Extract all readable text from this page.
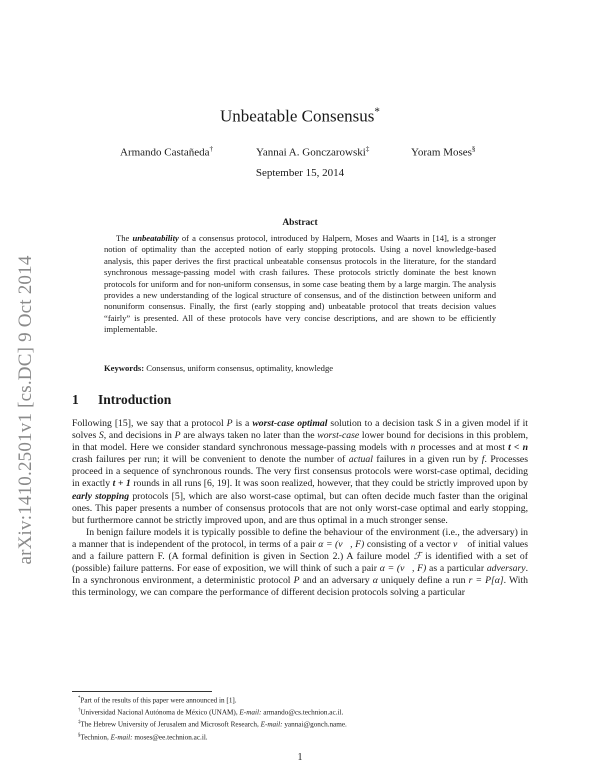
arXiv:1410.2501v1 [cs.DC] 9 Oct 2014
Unbeatable Consensus*
Armando Castañeda†	Yannai A. Gonczarowski‡	Yoram Moses§
September 15, 2014
Abstract

The unbeatability of a consensus protocol, introduced by Halpern, Moses and Waarts in [14], is a stronger notion of optimality than the accepted notion of early stopping protocols. Using a novel knowledge-based analysis, this paper derives the first practical unbeatable consensus protocols in the literature, for the standard synchronous message-passing model with crash failures. These protocols strictly dominate the best known protocols for uniform and for non-uniform consensus, in some case beating them by a large margin. The analysis provides a new understanding of the logical structure of consensus, and of the distinction between uniform and nonuniform consensus. Finally, the first (early stopping and) unbeatable protocol that treats decision values “fairly” is presented. All of these protocols have very concise descriptions, and are shown to be efficiently implementable.

Keywords: Consensus, uniform consensus, optimality, knowledge
1 Introduction

Following [15], we say that a protocol P is a worst-case optimal solution to a decision task S in a given model if it solves S, and decisions in P are always taken no later than the worst-case lower bound for decisions in this problem, in that model. Here we consider standard synchronous message-passing models with n processes and at most t < n crash failures per run; it will be convenient to denote the number of actual failures in a given run by f. Processes proceed in a sequence of synchronous rounds. The very first consensus protocols were worst-case optimal, deciding in exactly t + 1 rounds in all runs [6, 19]. It was soon realized, however, that they could be strictly improved upon by early stopping protocols [5], which are also worst-case optimal, but can often decide much faster than the original ones. This paper presents a number of consensus protocols that are not only worst-case optimal and early stopping, but furthermore cannot be strictly improved upon, and are thus optimal in a much stronger sense.

In benign failure models it is typically possible to define the behaviour of the environment (i.e., the adversary) in a manner that is independent of the protocol, in terms of a pair α = (v⃗, F) consisting of a vector v⃗ of initial values and a failure pattern F. (A formal definition is given in Section 2.) A failure model ℱ is identified with a set of (possible) failure patterns. For ease of exposition, we will think of such a pair α = (v⃗, F) as a particular adversary. In a synchronous environment, a deterministic protocol P and an adversary α uniquely define a run r = P[α]. With this terminology, we can compare the performance of different decision protocols solving a particular

*Part of the results of this paper were announced in [1].
†Universidad Nacional Autónoma de México (UNAM), E-mail: armando@cs.technion.ac.il.
‡The Hebrew University of Jerusalem and Microsoft Research, E-mail: yannai@gonch.name.
§Technion, E-mail: moses@ee.technion.ac.il.
1
